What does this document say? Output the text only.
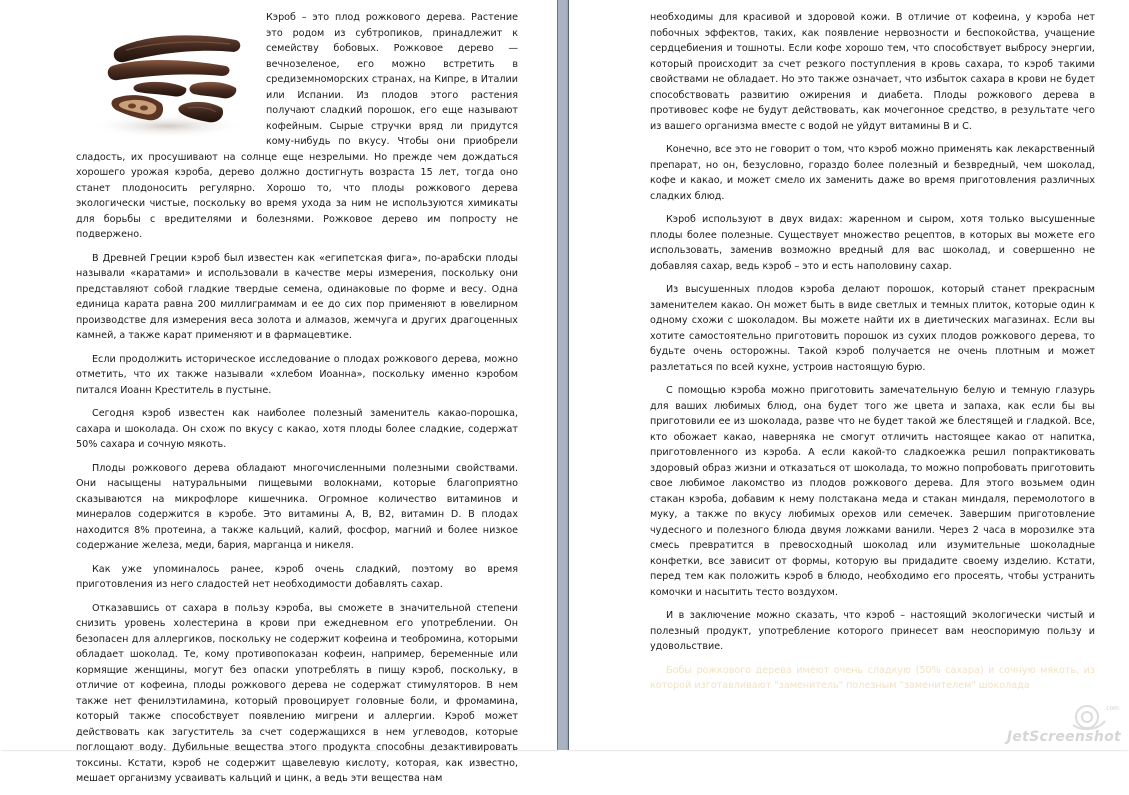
Кэроб – это плод рожкового дерева. Растение это родом из субтропиков, принадлежит к семейству бобовых. Рожковое дерево — вечнозеленое, его можно встретить в средиземноморских странах, на Кипре, в Италии или Испании. Из плодов этого растения получают сладкий порошок, его еще называют кофейным. Сырые стручки вряд ли придутся кому-нибудь по вкусу. Чтобы они приобрели сладость, их просушивают на солнце еще незрелыми. Но прежде чем дождаться хорошего урожая кэроба, дерево должно достигнуть возраста 15 лет, тогда оно станет плодоносить регулярно. Хорошо то, что плоды рожкового дерева экологически чистые, поскольку во время ухода за ним не используются химикаты для борьбы с вредителями и болезнями. Рожковое дерево им попросту не подвержено.

В Древней Греции кэроб был известен как «египетская фига», по-арабски плоды называли «каратами» и использовали в качестве меры измерения, поскольку они представляют собой гладкие твердые семена, одинаковые по форме и весу. Одна единица карата равна 200 миллиграммам и ее до сих пор применяют в ювелирном производстве для измерения веса золота и алмазов, жемчуга и других драгоценных камней, а также карат применяют и в фармацевтике.

Если продолжить историческое исследование о плодах рожкового дерева, можно отметить, что их также называли «хлебом Иоанна», поскольку именно кэробом питался Иоанн Креститель в пустыне.

Сегодня кэроб известен как наиболее полезный заменитель какао-порошка, сахара и шоколада. Он схож по вкусу с какао, хотя плоды более сладкие, содержат 50% сахара и сочную мякоть.

Плоды рожкового дерева обладают многочисленными полезными свойствами. Они насыщены натуральными пищевыми волокнами, которые благоприятно сказываются на микрофлоре кишечника. Огромное количество витаминов и минералов содержится в кэробе. Это витамины A, B, B2, витамин D. В плодах находится 8% протеина, а также кальций, калий, фосфор, магний и более низкое содержание железа, меди, бария, марганца и никеля.

Как уже упоминалось ранее, кэроб очень сладкий, поэтому во время приготовления из него сладостей нет необходимости добавлять сахар.

Отказавшись от сахара в пользу кэроба, вы сможете в значительной степени снизить уровень холестерина в крови при ежедневном его употреблении. Он безопасен для аллергиков, поскольку не содержит кофеина и теобромина, которыми обладает шоколад. Те, кому противопоказан кофеин, например, беременные или кормящие женщины, могут без опаски употреблять в пищу кэроб, поскольку, в отличие от кофеина, плоды рожкового дерева не содержат стимуляторов. В нем также нет фенилэтиламина, который провоцирует головные боли, и фромамина, который также способствует появлению мигрени и аллергии. Кэроб может действовать как загуститель за счет содержащихся в нем углеводов, которые поглощают воду. Дубильные вещества этого продукта способны дезактивировать токсины. Кстати, кэроб не содержит щавелевую кислоту, которая, как известно, мешает организму усваивать кальций и цинк, а ведь эти вещества нам

необходимы для красивой и здоровой кожи. В отличие от кофеина, у кэроба нет побочных эффектов, таких, как появление нервозности и беспокойства, учащение сердцебиения и тошноты. Если кофе хорошо тем, что способствует выбросу энергии, который происходит за счет резкого поступления в кровь сахара, то кэроб такими свойствами не обладает. Но это также означает, что избыток сахара в крови не будет способствовать развитию ожирения и диабета. Плоды рожкового дерева в противовес кофе не будут действовать, как мочегонное средство, в результате чего из вашего организма вместе с водой не уйдут витамины B и C.

Конечно, все это не говорит о том, что кэроб можно применять как лекарственный препарат, но он, безусловно, гораздо более полезный и безвредный, чем шоколад, кофе и какао, и может смело их заменить даже во время приготовления различных сладких блюд.

Кэроб используют в двух видах: жаренном и сыром, хотя только высушенные плоды более полезные. Существует множество рецептов, в которых вы можете его использовать, заменив возможно вредный для вас шоколад, и совершенно не добавляя сахар, ведь кэроб – это и есть наполовину сахар.

Из высушенных плодов кэроба делают порошок, который станет прекрасным заменителем какао. Он может быть в виде светлых и темных плиток, которые один к одному схожи с шоколадом. Вы можете найти их в диетических магазинах. Если вы хотите самостоятельно приготовить порошок из сухих плодов рожкового дерева, то будьте очень осторожны. Такой кэроб получается не очень плотным и может разлетаться по всей кухне, устроив настоящую бурю.

С помощью кэроба можно приготовить замечательную белую и темную глазурь для ваших любимых блюд, она будет того же цвета и запаха, как если бы вы приготовили ее из шоколада, разве что не будет такой же блестящей и гладкой. Все, кто обожает какао, наверняка не смогут отличить настоящее какао от напитка, приготовленного из кэроба. А если какой-то сладкоежка решил попрактиковать здоровый образ жизни и отказаться от шоколада, то можно попробовать приготовить свое любимое лакомство из плодов рожкового дерева. Для этого возьмем один стакан кэроба, добавим к нему полстакана меда и стакан миндаля, перемолотого в муку, а также по вкусу любимых орехов или семечек. Завершим приготовление чудесного и полезного блюда двумя ложками ванили. Через 2 часа в морозилке эта смесь превратится в превосходный шоколад или изумительные шоколадные конфетки, все зависит от формы, которую вы придадите своему изделию. Кстати, перед тем как положить кэроб в блюдо, необходимо его просеять, чтобы устранить комочки и насытить тесто воздухом.

И в заключение можно сказать, что кэроб – настоящий экологически чистый и полезный продукт, употребление которого принесет вам неоспоримую пользу и удовольствие.

Бобы рожкового дерева имеют очень сладкую (50% сахара) и сочную мякоть, из которой изготавливают "заменитель" полезным "заменителем" шоколада

.com
JetScreenshot
